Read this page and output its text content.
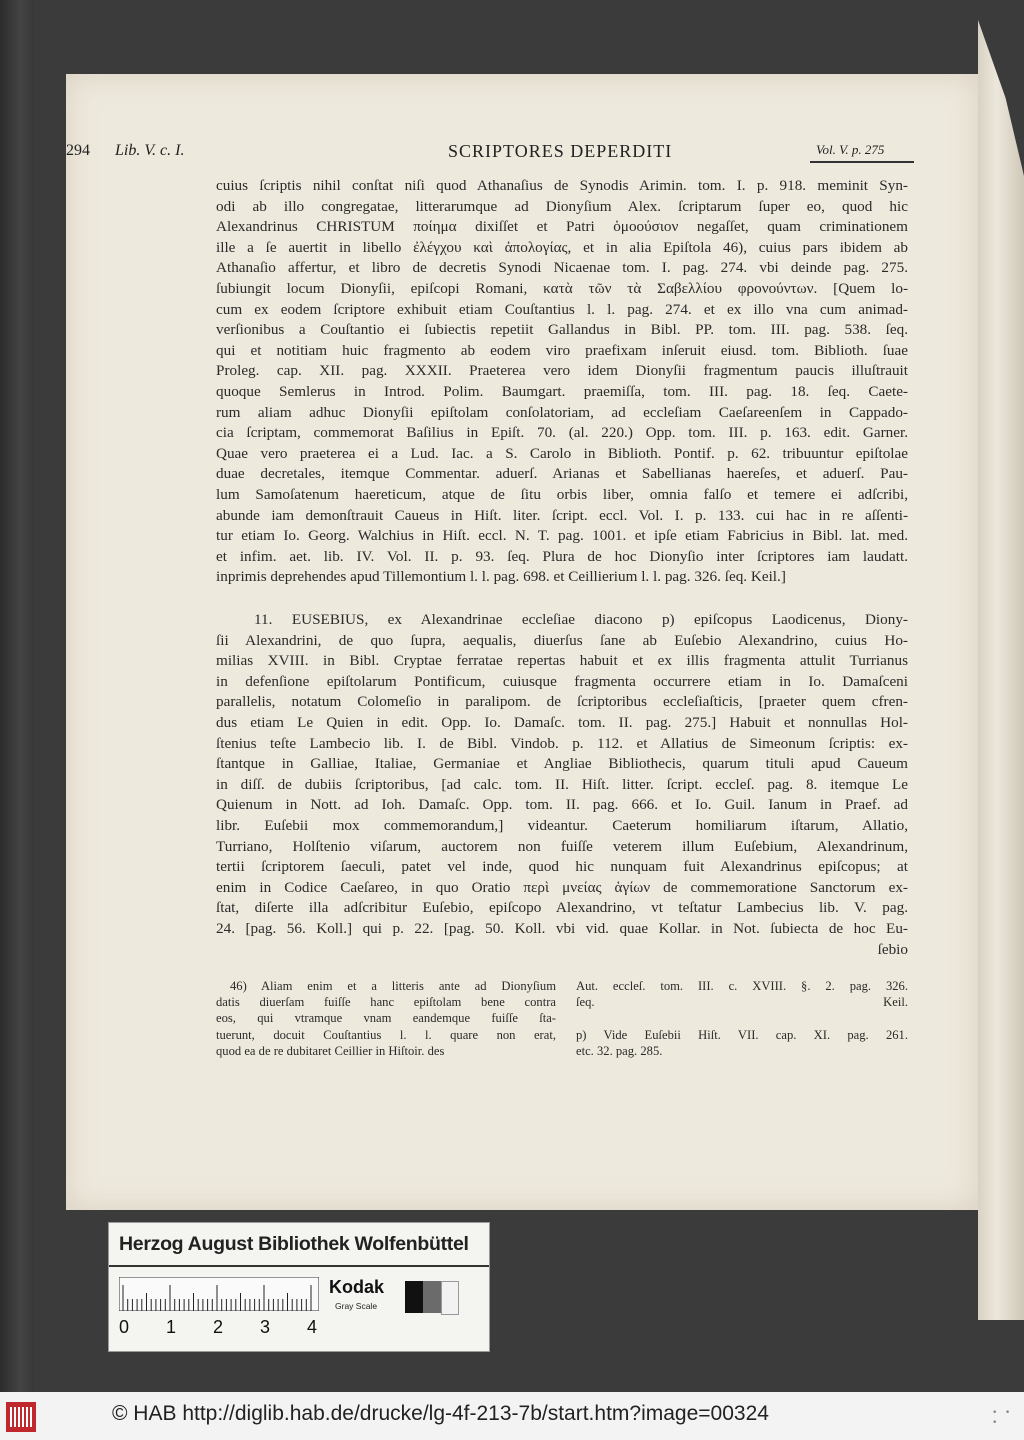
294 Lib. V. c. I.	SCRIPTORES DEPERDITI	Vol. V. p. 275
cuius ſcriptis nihil conſtat niſi quod Athanaſius de Synodis Arimin. tom. I. p. 918. meminit Syn-
odi ab illo congregatae, litterarumque ad Dionyſium Alex. ſcriptarum ſuper eo, quod hic
Alexandrinus CHRISTUM ποίημα dixiſſet et Patri ὁμοούσιον negaſſet, quam criminationem
ille a ſe auertit in libello ἐλέγχου καὶ ἀπολογίας, et in alia Epiſtola 46), cuius pars ibidem ab
Athanaſio affertur, et libro de decretis Synodi Nicaenae tom. I. pag. 274. vbi deinde pag. 275.
ſubiungit locum Dionyſii, epiſcopi Romani, κατὰ τῶν τὰ Σαβελλίου φρονούντων. [Quem lo-
cum ex eodem ſcriptore exhibuit etiam Couſtantius l. l. pag. 274. et ex illo vna cum animad-
verſionibus a Couſtantio ei ſubiectis repetiit Gallandus in Bibl. PP. tom. III. pag. 538. ſeq.
qui et notitiam huic fragmento ab eodem viro praefixam inſeruit eiusd. tom. Biblioth. ſuae
Proleg. cap. XII. pag. XXXII. Praeterea vero idem Dionyſii fragmentum paucis illuſtrauit
quoque Semlerus in Introd. Polim. Baumgart. praemiſſa, tom. III. pag. 18. ſeq. Caete-
rum aliam adhuc Dionyſii epiſtolam conſolatoriam, ad eccleſiam Caeſareenſem in Cappado-
cia ſcriptam, commemorat Baſilius in Epiſt. 70. (al. 220.) Opp. tom. III. p. 163. edit. Garner.
Quae vero praeterea ei a Lud. Iac. a S. Carolo in Biblioth. Pontif. p. 62. tribuuntur epiſtolae
duae decretales, itemque Commentar. aduerſ. Arianas et Sabellianas haereſes, et aduerſ. Pau-
lum Samoſatenum haereticum, atque de ſitu orbis liber, omnia falſo et temere ei adſcribi,
abunde iam demonſtrauit Caueus in Hiſt. liter. ſcript. eccl. Vol. I. p. 133. cui hac in re aſſenti-
tur etiam Io. Georg. Walchius in Hiſt. eccl. N. T. pag. 1001. et ipſe etiam Fabricius in Bibl. lat. med.
et infim. aet. lib. IV. Vol. II. p. 93. ſeq. Plura de hoc Dionyſio inter ſcriptores iam laudatt.
inprimis deprehendes apud Tillemontium l. l. pag. 698. et Ceillierium l. l. pag. 326. ſeq. Keil.]
11. EUSEBIUS, ex Alexandrinae eccleſiae diacono p) epiſcopus Laodicenus, Diony-
ſii Alexandrini, de quo ſupra, aequalis, diuerſus ſane ab Euſebio Alexandrino, cuius Ho-
milias XVIII. in Bibl. Cryptae ferratae repertas habuit et ex illis fragmenta attulit Turrianus
in defenſione epiſtolarum Pontificum, cuiusque fragmenta occurrere etiam in Io. Damaſceni
parallelis, notatum Colomeſio in paralipom. de ſcriptoribus eccleſiaſticis, [praeter quem cfren-
dus etiam Le Quien in edit. Opp. Io. Damaſc. tom. II. pag. 275.] Habuit et nonnullas Hol-
ſtenius teſte Lambecio lib. I. de Bibl. Vindob. p. 112. et Allatius de Simeonum ſcriptis: ex-
ſtantque in Galliae, Italiae, Germaniae et Angliae Bibliothecis, quarum tituli apud Caueum
in diſſ. de dubiis ſcriptoribus, [ad calc. tom. II. Hiſt. litter. ſcript. eccleſ. pag. 8. itemque Le
Quienum in Nott. ad Ioh. Damaſc. Opp. tom. II. pag. 666. et Io. Guil. Ianum in Praef. ad
libr. Euſebii mox commemorandum,] videantur. Caeterum homiliarum iſtarum, Allatio,
Turriano, Holſtenio viſarum, auctorem non fuiſſe veterem illum Euſebium, Alexandrinum,
tertii ſcriptorem ſaeculi, patet vel inde, quod hic nunquam fuit Alexandrinus epiſcopus; at
enim in Codice Caeſareo, in quo Oratio περὶ μνείας ἁγίων de commemoratione Sanctorum ex-
ſtat, diſerte illa adſcribitur Euſebio, epiſcopo Alexandrino, vt teſtatur Lambecius lib. V. pag.
24. [pag. 56. Koll.] qui p. 22. [pag. 50. Koll. vbi vid. quae Kollar. in Not. ſubiecta de hoc Eu-
ſebio
46) Aliam enim et a litteris ante ad Dionyſium
datis diuerſam fuiſſe hanc epiſtolam bene contra
eos, qui vtramque vnam eandemque fuiſſe ſta-
tuerunt, docuit Couſtantius l. l. quare non erat,
quod ea de re dubitaret Ceillier in Hiſtoir. des
Aut. eccleſ. tom. III. c. XVIII. §. 2. pag. 326.
ſeq. Keil.

p) Vide Euſebii Hiſt. VII. cap. XI. pag. 261.
etc. 32. pag. 285.
Herzog August Bibliothek Wolfenbüttel
0 1 2 3 4
Kodak
Gray Scale
© HAB http://diglib.hab.de/drucke/lg-4f-213-7b/start.htm?image=00324	• • •
